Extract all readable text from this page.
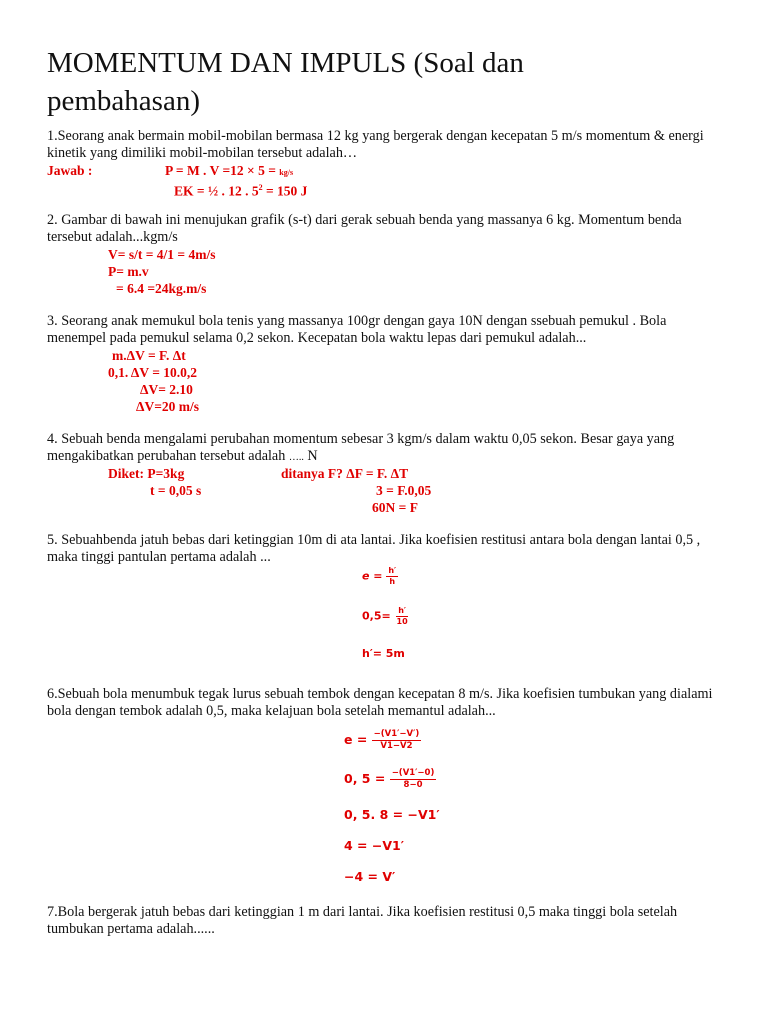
MOMENTUM DAN IMPULS (Soal dan pembahasan)
1.Seorang anak bermain mobil-mobilan bermasa 12 kg yang bergerak dengan kecepatan 5 m/s momentum & energi kinetik yang dimiliki mobil-mobilan tersebut adalah…
Jawab :	P = M . V =12 × 5 = kg/s
EK = ½ . 12 . $5^2 = 150$ J
2. Gambar di bawah ini menujukan grafik (s-t) dari gerak sebuah benda yang massanya 6 kg. Momentum benda tersebut adalah...kgm/s
V= s/t = 4/1 = 4m/s
P= m.v
= 6.4 =24kg.m/s
3. Seorang anak memukul bola tenis yang massanya 100gr dengan gaya 10N dengan ssebuah pemukul . Bola menempel pada pemukul selama 0,2 sekon. Kecepatan bola waktu lepas dari pemukul adalah...
m.ΔV = F. Δt
0,1. ΔV = 10.0,2
ΔV= 2.10
ΔV=20 m/s
4. Sebuah benda mengalami perubahan momentum sebesar 3 kgm/s dalam waktu 0,05 sekon. Besar gaya yang mengakibatkan perubahan tersebut adalah ….. N
Diket: P=3kg	ditanya F? ΔF = F. ΔT
t = 0,05 s	3 = F.0,05
60N = F
5. Sebuahbenda jatuh bebas dari ketinggian 10m di ata lantai. Jika koefisien restitusi antara bola dengan lantai 0,5 , maka tinggi pantulan pertama adalah ...
$e = \frac{h'}{h}$
$0,5= \frac{h'}{10}$
h′= 5m
6.Sebuah bola menumbuk tegak lurus sebuah tembok dengan kecepatan 8 m/s. Jika koefisien tumbukan yang dialami bola dengan tembok adalah 0,5, maka kelajuan bola setelah memantul adalah...
$e = \frac{-(V1'-V')}{V1-V2}$
0, $5 = \frac{-(V1'-0)}{8-0}$
0, 5. 8 = −V1′
4 = −V1′
−4 = V′
7.Bola bergerak jatuh bebas dari ketinggian 1 m dari lantai. Jika koefisien restitusi 0,5 maka tinggi bola setelah tumbukan pertama adalah......
